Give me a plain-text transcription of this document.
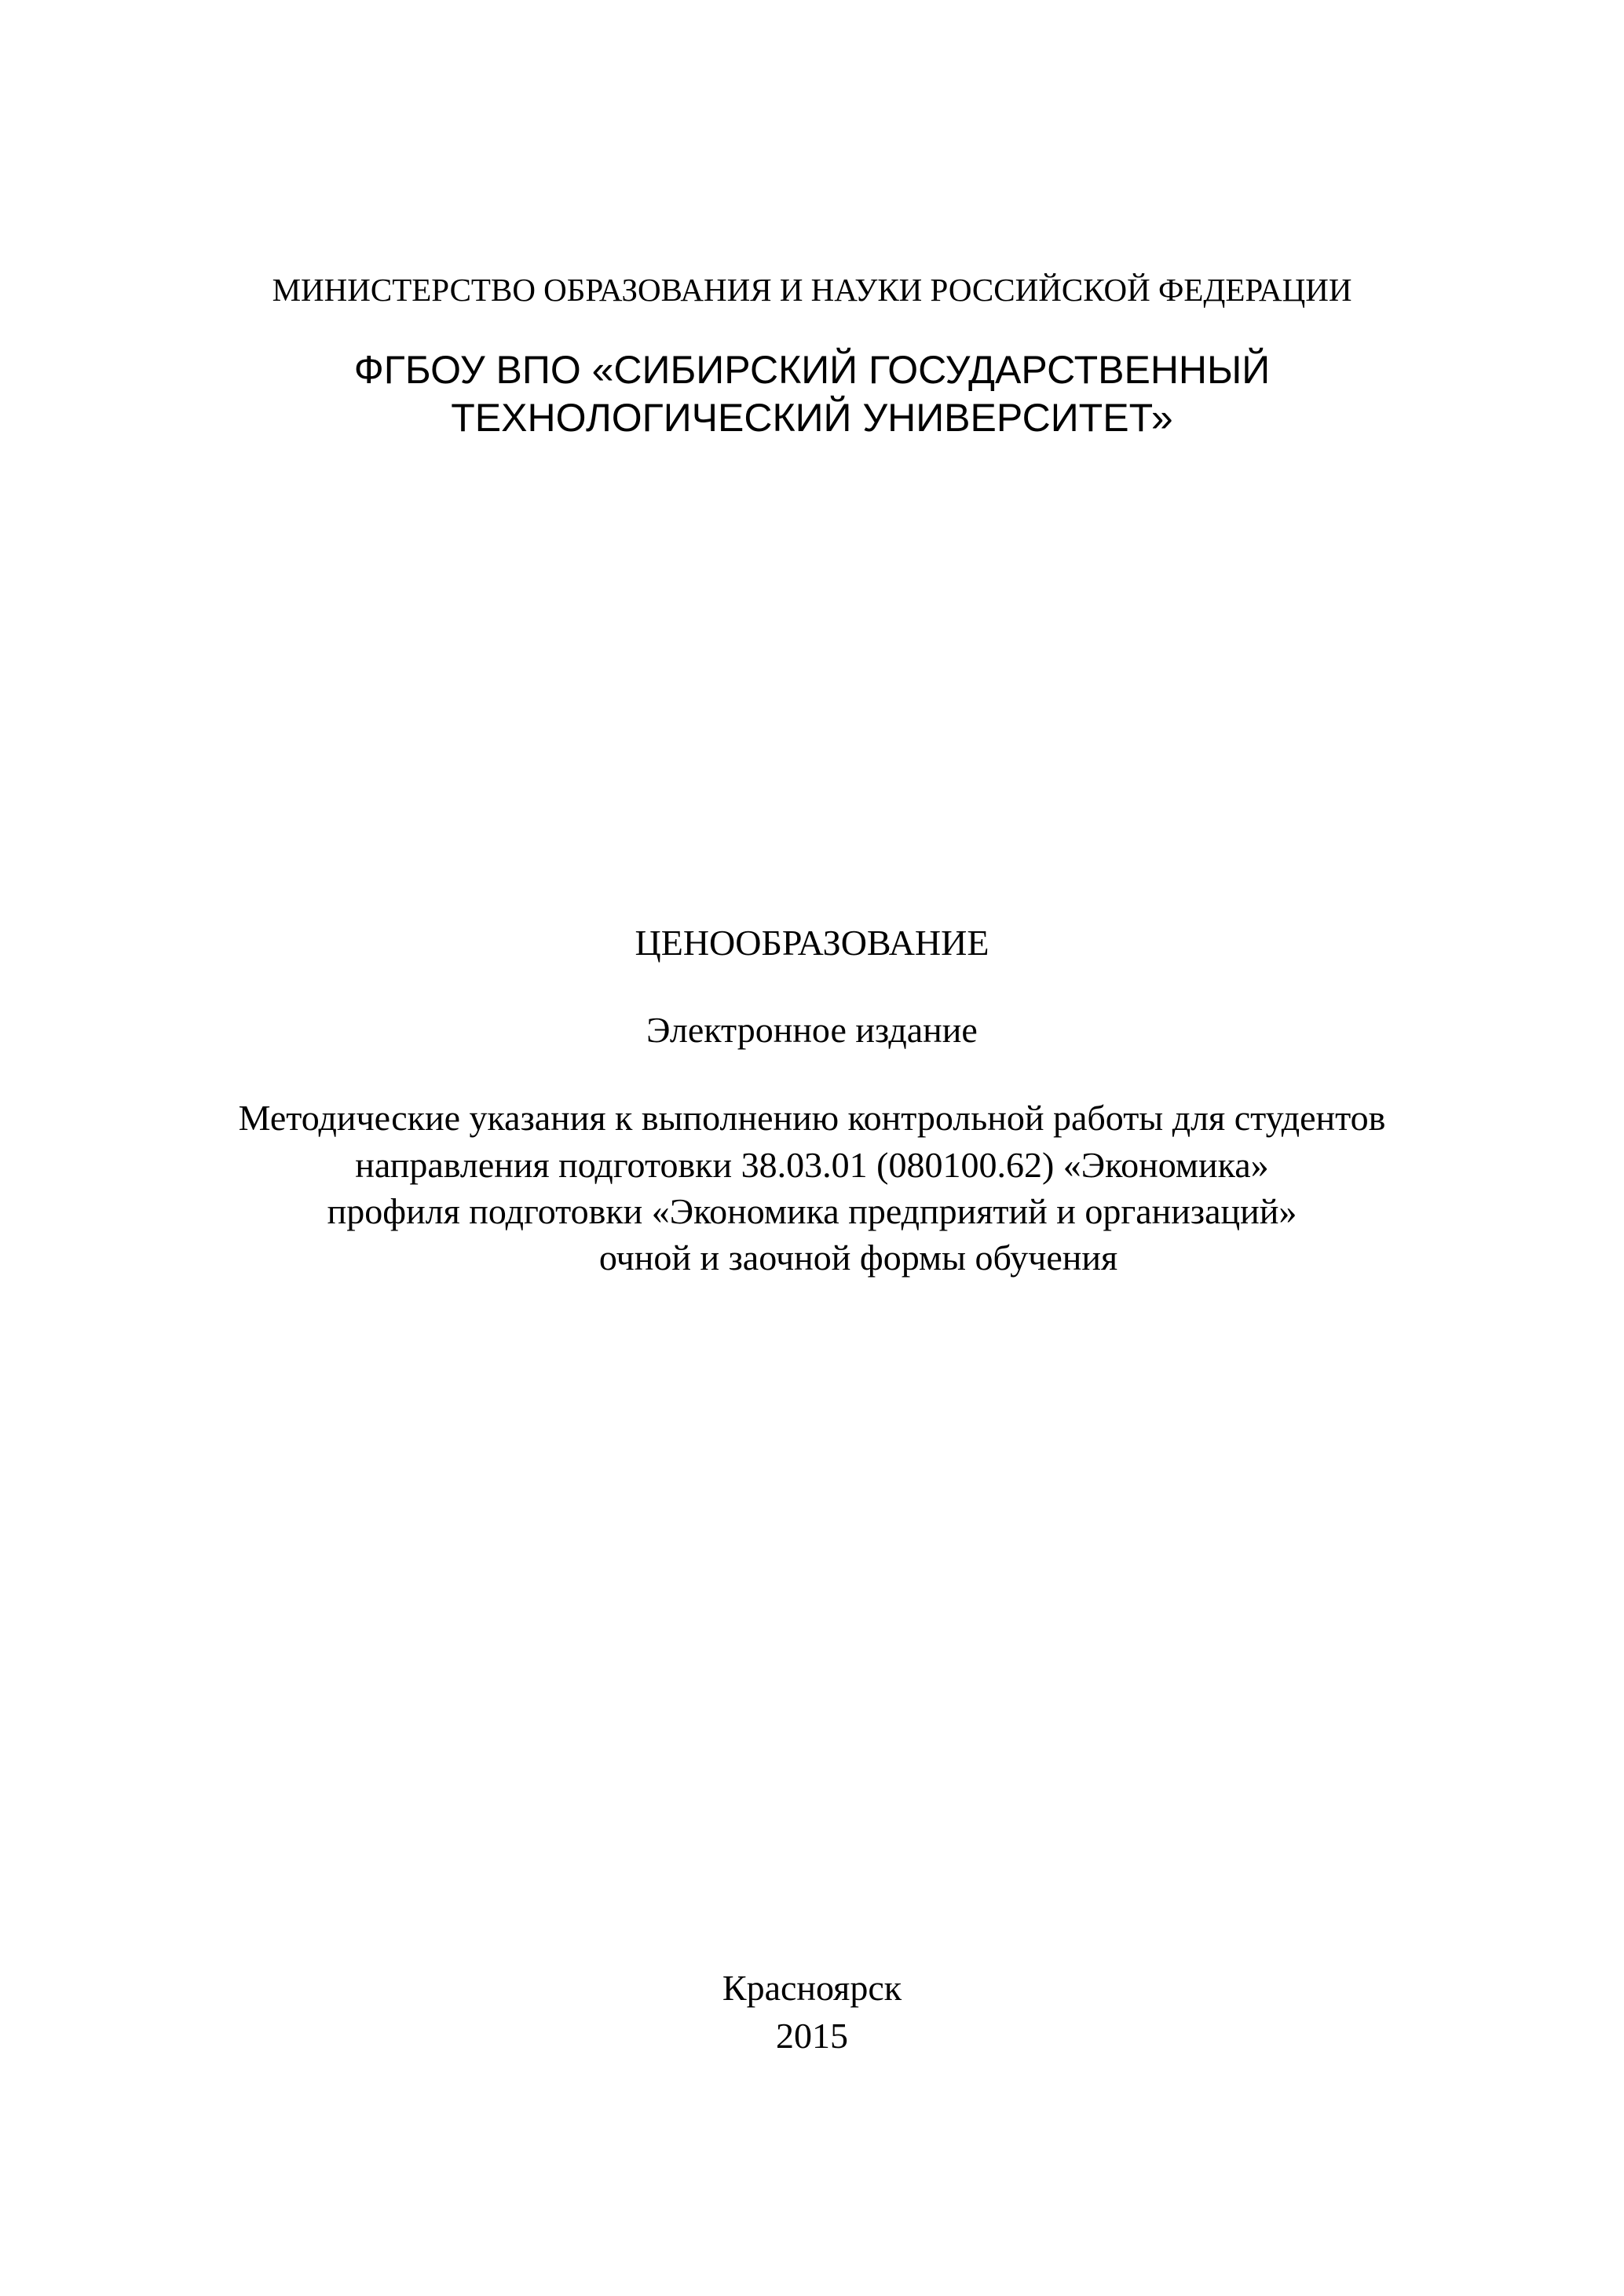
МИНИСТЕРСТВО ОБРАЗОВАНИЯ И НАУКИ РОССИЙСКОЙ ФЕДЕРАЦИИ
ФГБОУ ВПО «СИБИРСКИЙ ГОСУДАРСТВЕННЫЙ
ТЕХНОЛОГИЧЕСКИЙ УНИВЕРСИТЕТ»
ЦЕНООБРАЗОВАНИЕ
Электронное издание
Методические указания к выполнению контрольной работы для студентов
направления подготовки 38.03.01 (080100.62) «Экономика»
профиля подготовки «Экономика предприятий и организаций»
очной и заочной формы обучения
Красноярск
2015
